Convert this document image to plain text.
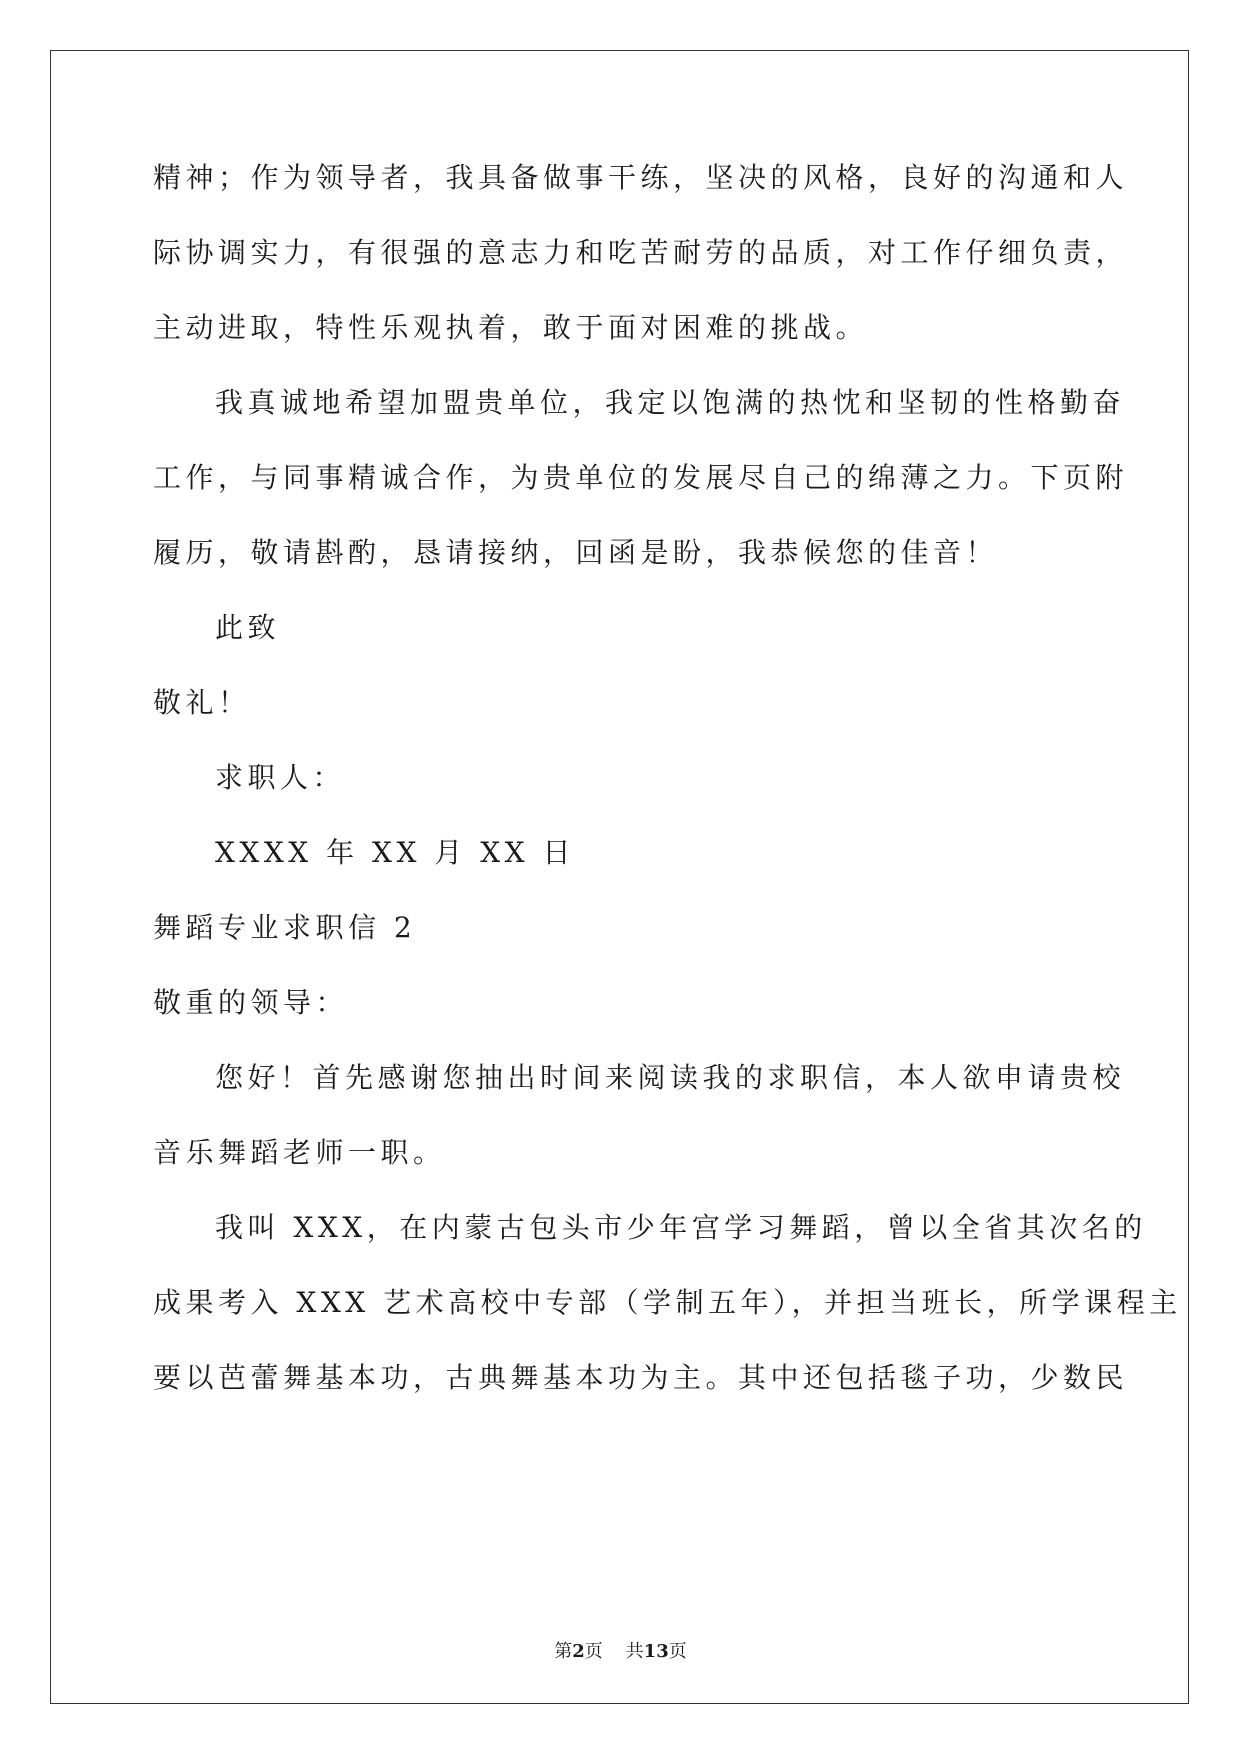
精神；作为领导者，我具备做事干练，坚决的风格，良好的沟通和人
际协调实力，有很强的意志力和吃苦耐劳的品质，对工作仔细负责，
主动进取，特性乐观执着，敢于面对困难的挑战。
我真诚地希望加盟贵单位，我定以饱满的热忱和坚韧的性格勤奋
工作，与同事精诚合作，为贵单位的发展尽自己的绵薄之力。下页附
履历，敬请斟酌，恳请接纳，回函是盼，我恭候您的佳音！
此致
敬礼！
求职人：
XXXX 年 XX 月 XX 日
舞蹈专业求职信 2
敬重的领导：
您好！首先感谢您抽出时间来阅读我的求职信，本人欲申请贵校
音乐舞蹈老师一职。
我叫 XXX，在内蒙古包头市少年宫学习舞蹈，曾以全省其次名的
成果考入 XXX 艺术高校中专部（学制五年），并担当班长，所学课程主
要以芭蕾舞基本功，古典舞基本功为主。其中还包括毯子功，少数民
第2页 共13页
